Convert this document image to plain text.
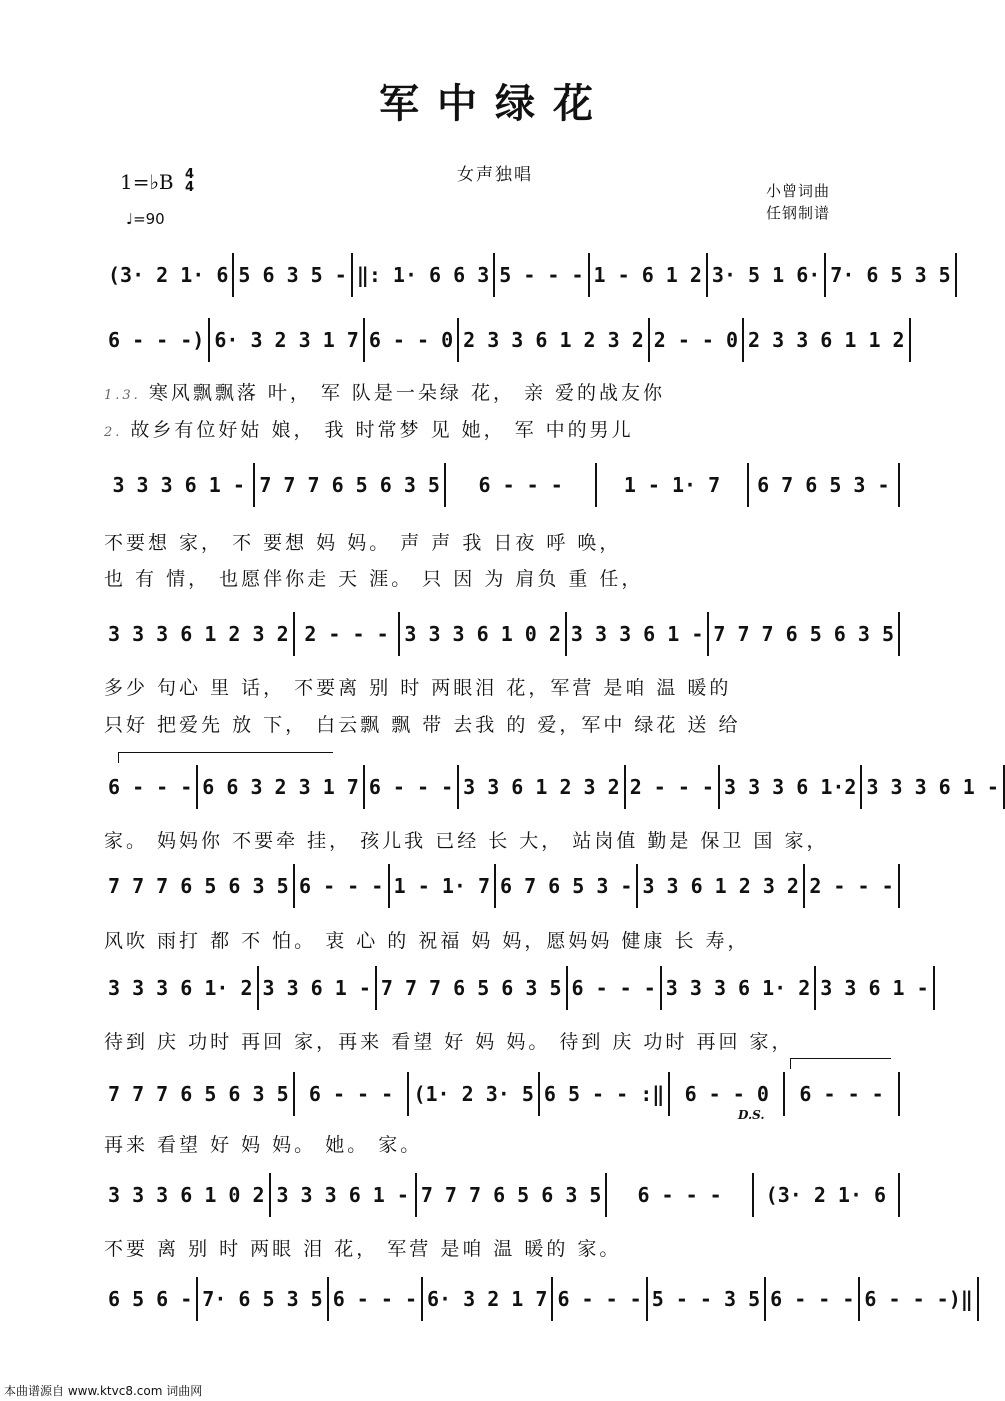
军中绿花
女声独唱
1=♭B 4
4
♩=90
小曾词曲
任钢制谱
(3· 2 1· 6 5 6 3 5 - ‖: 1· 6 6 3 5 - - - 1 - 6 1 2 3· 5 1 6· 7· 6 5 3 5
6 - - -) 6· 3 2 3 1 7 6 - - 0 2 3 3 6 1 2 3 2 2 - - 0 2 3 3 6 1 1 2
1.3. 寒风飘飘落 叶， 军 队是一朵绿 花， 亲 爱的战友你
2. 故乡有位好姑 娘， 我 时常梦 见 她， 军 中的男儿
3 3 3 6 1 - 7 7 7 6 5 6 3 5	6 - - -	1 - 1· 7	6 7 6 5 3 -
不要想 家， 不 要想 妈 妈。 声 声 我 日夜 呼 唤，
也 有 情， 也愿伴你走 天 涯。 只 因 为 肩负 重 任，
3 3 3 6 1 2 3 2 2 - - - 3 3 3 6 1 0 2 3 3 3 6 1 - 7 7 7 6 5 6 3 5
多少 句心 里 话， 不要离 别 时 两眼泪 花，军营 是咱 温 暖的
只好 把爱先 放 下， 白云飘 飘 带 去我 的 爱，军中 绿花 送 给
6 - - - 6 6 3 2 3 1 7 6 - - - 3 3 6 1 2 3 2 2 - - - 3 3 3 6 1·2 3 3 3 6 1 -
家。 妈妈你 不要牵 挂， 孩儿我 已经 长 大， 站岗值 勤是 保卫 国 家，
7 7 7 6 5 6 3 5 6 - - - 1 - 1· 7 6 7 6 5 3 - 3 3 6 1 2 3 2 2 - - -
风吹 雨打 都 不 怕。 衷 心 的 祝福 妈 妈，愿妈妈 健康 长 寿，
3 3 3 6 1· 2 3 3 6 1 - 7 7 7 6 5 6 3 5 6 - - - 3 3 3 6 1· 2 3 3 6 1 -
待到 庆 功时 再回 家，再来 看望 好 妈 妈。 待到 庆 功时 再回 家，
7 7 7 6 5 6 3 5	6 - - -	(1· 2 3· 5 6 5 - - :‖	6 - - 0	6 - - -
D.S.
再来 看望 好 妈 妈。 她。 家。
3 3 3 6 1 0 2 3 3 3 6 1 - 7 7 7 6 5 6 3 5	6 - - -	(3· 2 1· 6
不要 离 别 时 两眼 泪 花， 军营 是咱 温 暖的 家。
6 5 6 - 7· 6 5 3 5 6 - - - 6· 3 2 1 7 6 - - - 5 - - 3 5 6 - - - 6 - - -)‖
本曲谱源自 www.ktvc8.com 词曲网
